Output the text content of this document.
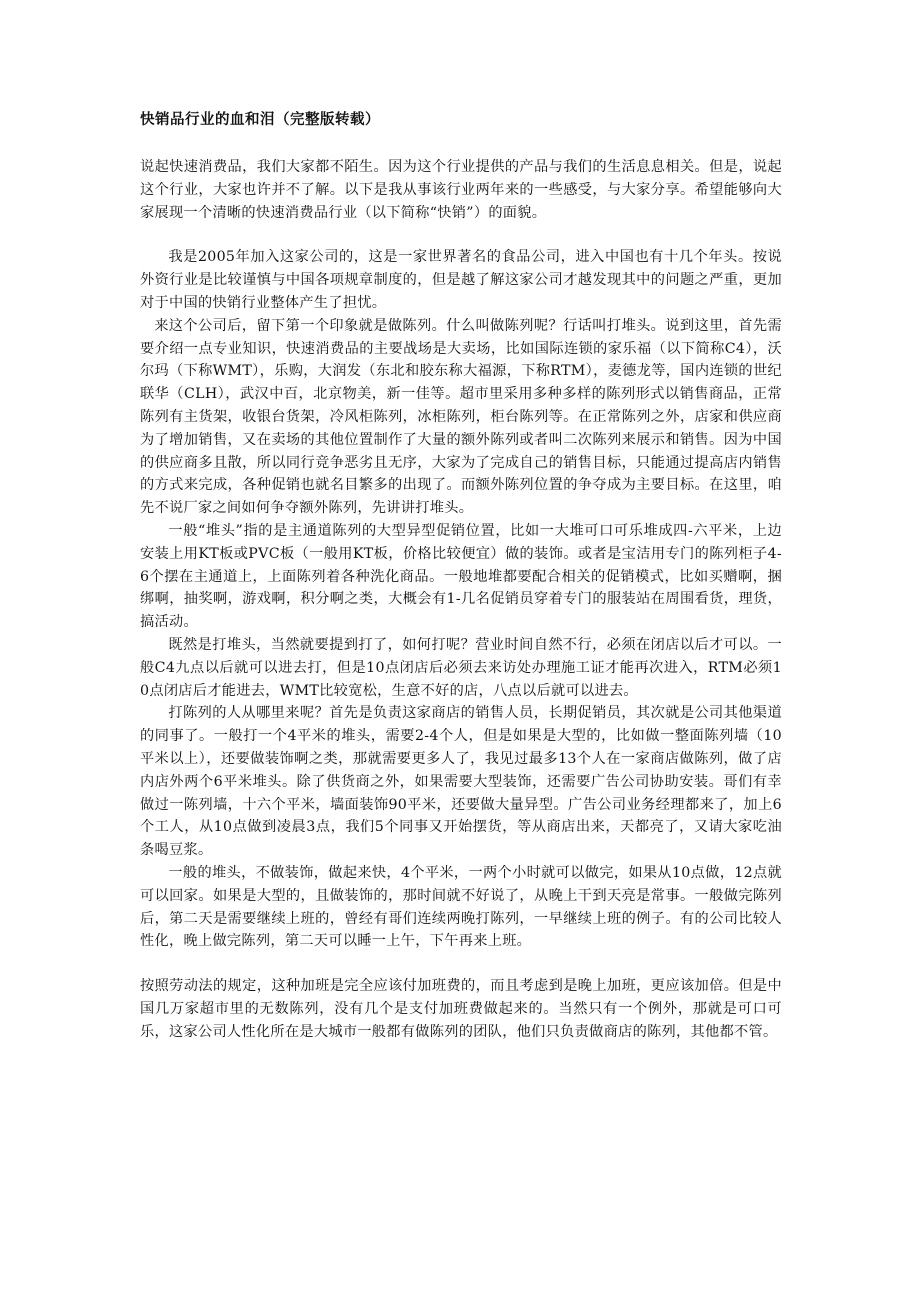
快销品行业的血和泪（完整版转载）

说起快速消费品，我们大家都不陌生。因为这个行业提供的产品与我们的生活息息相关。但是，说起这个行业，大家也许并不了解。以下是我从事该行业两年来的一些感受，与大家分享。希望能够向大家展现一个清晰的快速消费品行业（以下简称“快销”）的面貌。

我是2005年加入这家公司的，这是一家世界著名的食品公司，进入中国也有十几个年头。按说外资行业是比较谨慎与中国各项规章制度的，但是越了解这家公司才越发现其中的问题之严重，更加对于中国的快销行业整体产生了担忧。

来这个公司后，留下第一个印象就是做陈列。什么叫做陈列呢？行话叫打堆头。说到这里，首先需要介绍一点专业知识，快速消费品的主要战场是大卖场，比如国际连锁的家乐福（以下简称C4），沃尔玛（下称WMT），乐购，大润发（东北和胶东称大福源，下称RTM），麦德龙等，国内连锁的世纪联华（CLH），武汉中百，北京物美，新一佳等。超市里采用多种多样的陈列形式以销售商品，正常陈列有主货架，收银台货架，冷风柜陈列，冰柜陈列，柜台陈列等。在正常陈列之外，店家和供应商为了增加销售，又在卖场的其他位置制作了大量的额外陈列或者叫二次陈列来展示和销售。因为中国的供应商多且散，所以同行竞争恶劣且无序，大家为了完成自己的销售目标，只能通过提高店内销售的方式来完成，各种促销也就名目繁多的出现了。而额外陈列位置的争夺成为主要目标。在这里，咱先不说厂家之间如何争夺额外陈列，先讲讲打堆头。

一般“堆头”指的是主通道陈列的大型异型促销位置，比如一大堆可口可乐堆成四-六平米，上边安装上用KT板或PVC板（一般用KT板，价格比较便宜）做的装饰。或者是宝洁用专门的陈列柜子4-6个摆在主通道上，上面陈列着各种洗化商品。一般地堆都要配合相关的促销模式，比如买赠啊，捆绑啊，抽奖啊，游戏啊，积分啊之类，大概会有1-几名促销员穿着专门的服装站在周围看货，理货，搞活动。

既然是打堆头，当然就要提到打了，如何打呢？营业时间自然不行，必须在闭店以后才可以。一般C4九点以后就可以进去打，但是10点闭店后必须去来访处办理施工证才能再次进入，RTM必须10点闭店后才能进去，WMT比较宽松，生意不好的店，八点以后就可以进去。

打陈列的人从哪里来呢？首先是负责这家商店的销售人员，长期促销员，其次就是公司其他渠道的同事了。一般打一个4平米的堆头，需要2-4个人，但是如果是大型的，比如做一整面陈列墙（10平米以上），还要做装饰啊之类，那就需要更多人了，我见过最多13个人在一家商店做陈列，做了店内店外两个6平米堆头。除了供货商之外，如果需要大型装饰，还需要广告公司协助安装。哥们有幸做过一陈列墙，十六个平米，墙面装饰90平米，还要做大量异型。广告公司业务经理都来了，加上6个工人，从10点做到凌晨3点，我们5个同事又开始摆货，等从商店出来，天都亮了，又请大家吃油条喝豆浆。

一般的堆头，不做装饰，做起来快，4个平米，一两个小时就可以做完，如果从10点做，12点就可以回家。如果是大型的，且做装饰的，那时间就不好说了，从晚上干到天亮是常事。一般做完陈列后，第二天是需要继续上班的，曾经有哥们连续两晚打陈列，一早继续上班的例子。有的公司比较人性化，晚上做完陈列，第二天可以睡一上午，下午再来上班。

按照劳动法的规定，这种加班是完全应该付加班费的，而且考虑到是晚上加班，更应该加倍。但是中国几万家超市里的无数陈列，没有几个是支付加班费做起来的。当然只有一个例外，那就是可口可乐，这家公司人性化所在是大城市一般都有做陈列的团队，他们只负责做商店的陈列，其他都不管。
